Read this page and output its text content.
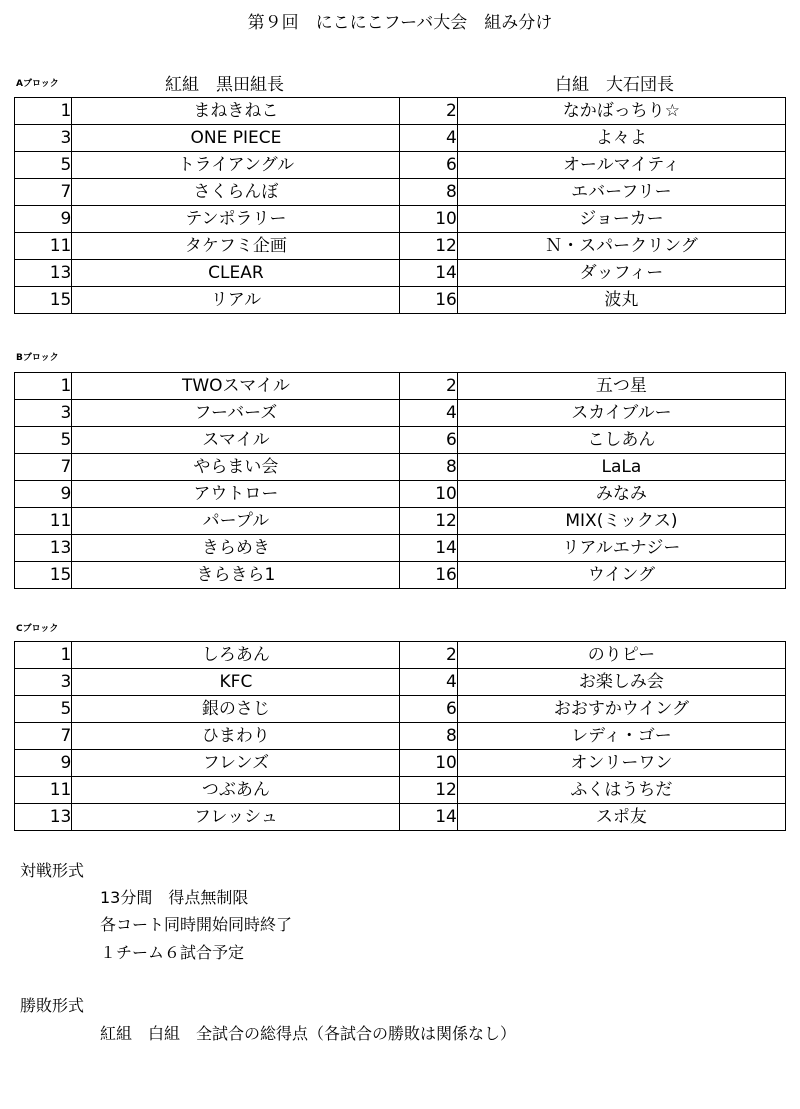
第９回　にこにこフーバ大会　組み分け
Aブロック	紅組　黒田組長	白組　大石団長
1	まねきねこ	2	なかばっちり☆
3	ONE PIECE	4	よ々よ
5	トライアングル	6	オールマイティ
7	さくらんぼ	8	エバーフリー
9	テンポラリー	10	ジョーカー
11	タケフミ企画	12	Ｎ・スパークリング
13	CLEAR	14	ダッフィー
15	リアル	16	波丸
Bブロック
1	TWOスマイル	2	五つ星
3	フーバーズ	4	スカイブルー
5	スマイル	6	こしあん
7	やらまい会	8	LaLa
9	アウトロー	10	みなみ
11	パープル	12	MIX(ミックス)
13	きらめき	14	リアルエナジー
15	きらきら1	16	ウイング
Cブロック
1	しろあん	2	のりピー
3	KFC	4	お楽しみ会
5	銀のさじ	6	おおすかウイング
7	ひまわり	8	レディ・ゴー
9	フレンズ	10	オンリーワン
11	つぶあん	12	ふくはうちだ
13	フレッシュ	14	スポ友
対戦形式
13分間　得点無制限
各コート同時開始同時終了
１チーム６試合予定
勝敗形式
紅組　白組　全試合の総得点（各試合の勝敗は関係なし）
